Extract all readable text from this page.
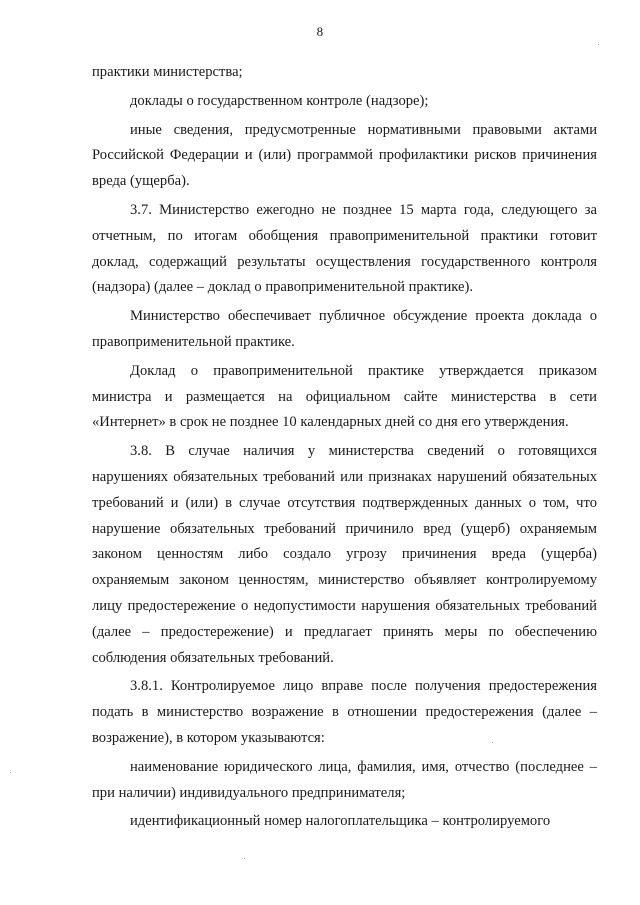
8

практики министерства;

доклады о государственном контроле (надзоре);

иные сведения, предусмотренные нормативными правовыми актами Российской Федерации и (или) программой профилактики рисков причинения вреда (ущерба).

3.7. Министерство ежегодно не позднее 15 марта года, следующего за отчетным, по итогам обобщения правоприменительной практики готовит доклад, содержащий результаты осуществления государственного контроля (надзора) (далее – доклад о правоприменительной практике).

Министерство обеспечивает публичное обсуждение проекта доклада о правоприменительной практике.

Доклад о правоприменительной практике утверждается приказом министра и размещается на официальном сайте министерства в сети «Интернет» в срок не позднее 10 календарных дней со дня его утверждения.

3.8. В случае наличия у министерства сведений о готовящихся нарушениях обязательных требований или признаках нарушений обязательных требований и (или) в случае отсутствия подтвержденных данных о том, что нарушение обязательных требований причинило вред (ущерб) охраняемым законом ценностям либо создало угрозу причинения вреда (ущерба) охраняемым законом ценностям, министерство объявляет контролируемому лицу предостережение о недопустимости нарушения обязательных требований (далее – предостережение) и предлагает принять меры по обеспечению соблюдения обязательных требований.

3.8.1. Контролируемое лицо вправе после получения предостережения подать в министерство возражение в отношении предостережения (далее – возражение), в котором указываются:

наименование юридического лица, фамилия, имя, отчество (последнее – при наличии) индивидуального предпринимателя;

идентификационный номер налогоплательщика – контролируемого
